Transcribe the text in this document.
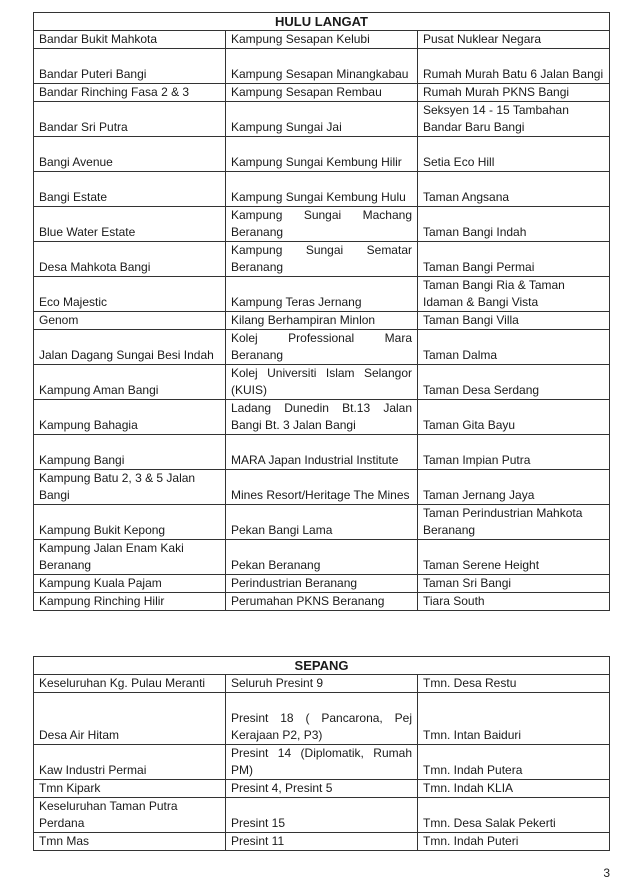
HULU LANGAT		
Bandar Bukit Mahkota	Kampung Sesapan Kelubi	Pusat Nuklear Negara
Bandar Puteri Bangi	Kampung Sesapan Minangkabau	Rumah Murah Batu 6 Jalan Bangi
Bandar Rinching Fasa 2 & 3	Kampung Sesapan Rembau	Rumah Murah PKNS Bangi
Bandar Sri Putra	Kampung Sungai Jai	Seksyen 14 - 15 Tambahan Bandar Baru Bangi
Bangi Avenue	Kampung Sungai Kembung Hilir	Setia Eco Hill
Bangi Estate	Kampung Sungai Kembung Hulu	Taman Angsana
Blue Water Estate	Kampung Sungai Machang Beranang	Taman Bangi Indah
Desa Mahkota Bangi	Kampung Sungai Sematar Beranang	Taman Bangi Permai
Eco Majestic	Kampung Teras Jernang	Taman Bangi Ria & Taman Idaman & Bangi Vista
Genom	Kilang Berhampiran Minlon	Taman Bangi Villa
Jalan Dagang Sungai Besi Indah	Kolej Professional Mara Beranang	Taman Dalma
Kampung Aman Bangi	Kolej Universiti Islam Selangor (KUIS)	Taman Desa Serdang
Kampung Bahagia	Ladang Dunedin Bt.13 Jalan Bangi Bt. 3 Jalan Bangi	Taman Gita Bayu
Kampung Bangi	MARA Japan Industrial Institute	Taman Impian Putra
Kampung Batu 2, 3 & 5 Jalan Bangi	Mines Resort/Heritage The Mines	Taman Jernang Jaya
Kampung Bukit Kepong	Pekan Bangi Lama	Taman Perindustrian Mahkota Beranang
Kampung Jalan Enam Kaki Beranang	Pekan Beranang	Taman Serene Height
Kampung Kuala Pajam	Perindustrian Beranang	Taman Sri Bangi
Kampung Rinching Hilir	Perumahan PKNS Beranang	Tiara South
SEPANG		
Keseluruhan Kg. Pulau Meranti	Seluruh Presint 9	Tmn. Desa Restu
Desa Air Hitam	Presint 18 ( Pancarona, Pej Kerajaan P2, P3)	Tmn. Intan Baiduri
Kaw Industri Permai	Presint 14 (Diplomatik, Rumah PM)	Tmn. Indah Putera
Tmn Kipark	Presint 4, Presint 5	Tmn. Indah KLIA
Keseluruhan Taman Putra Perdana	Presint 15	Tmn. Desa Salak Pekerti
Tmn Mas	Presint 11	Tmn. Indah Puteri
3
